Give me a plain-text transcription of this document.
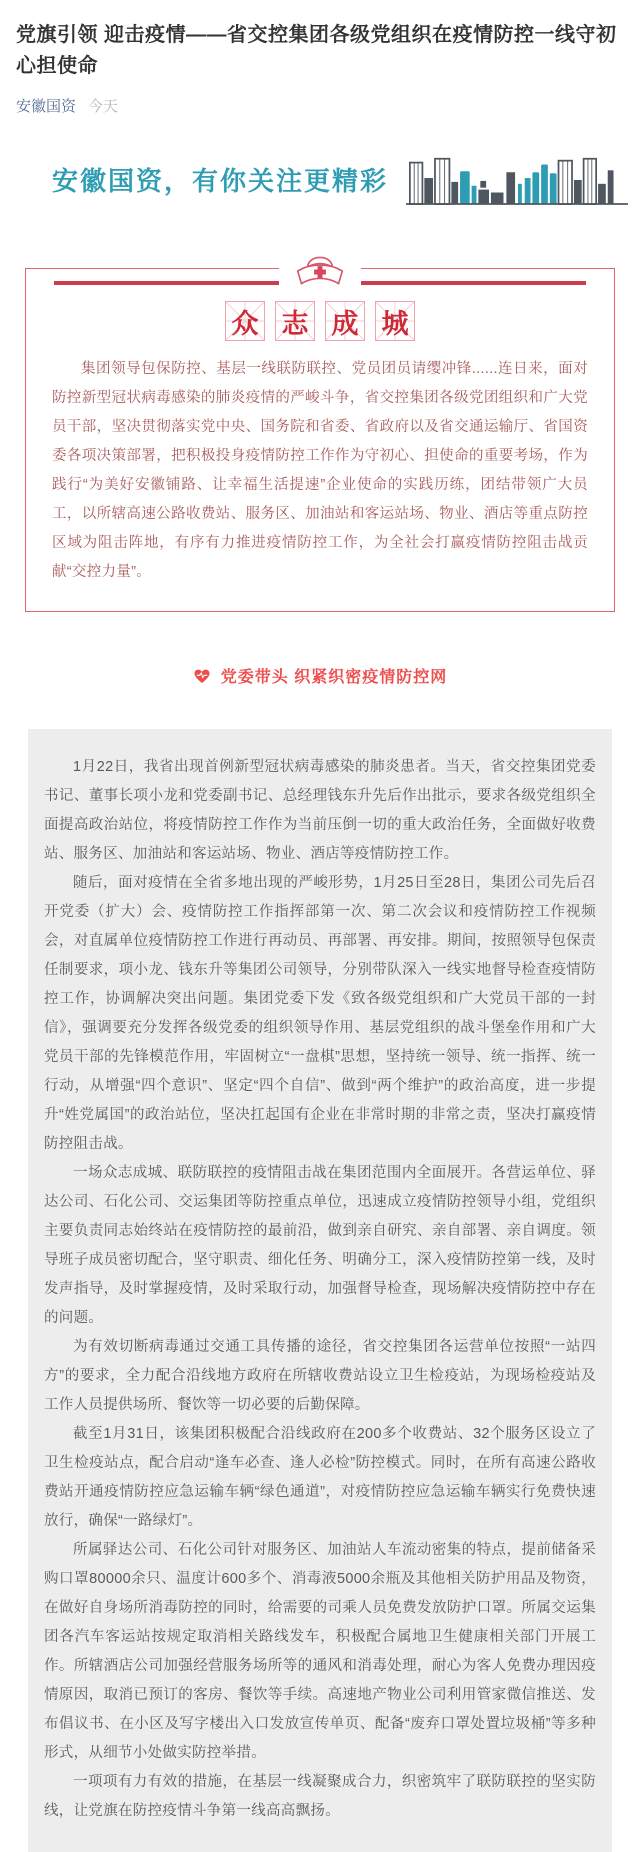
党旗引领 迎击疫情——省交控集团各级党组织在疫情防控一线守初心担使命
安徽国资 今天
安徽国资，有你关注更精彩
众 志 成 城

集团领导包保防控、基层一线联防联控、党员团员请缨冲锋......连日来，面对防控新型冠状病毒感染的肺炎疫情的严峻斗争，省交控集团各级党团组织和广大党员干部，坚决贯彻落实党中央、国务院和省委、省政府以及省交通运输厅、省国资委各项决策部署，把积极投身疫情防控工作作为守初心、担使命的重要考场，作为践行“为美好安徽铺路、让幸福生活提速”企业使命的实践历练，团结带领广大员工，以所辖高速公路收费站、服务区、加油站和客运站场、物业、酒店等重点防控区域为阻击阵地，有序有力推进疫情防控工作，为全社会打赢疫情防控阻击战贡献“交控力量”。

党委带头 织紧织密疫情防控网

1月22日，我省出现首例新型冠状病毒感染的肺炎患者。当天，省交控集团党委书记、董事长项小龙和党委副书记、总经理钱东升先后作出批示，要求各级党组织全面提高政治站位，将疫情防控工作作为当前压倒一切的重大政治任务，全面做好收费站、服务区、加油站和客运站场、物业、酒店等疫情防控工作。

随后，面对疫情在全省多地出现的严峻形势，1月25日至28日，集团公司先后召开党委（扩大）会、疫情防控工作指挥部第一次、第二次会议和疫情防控工作视频会，对直属单位疫情防控工作进行再动员、再部署、再安排。期间，按照领导包保责任制要求，项小龙、钱东升等集团公司领导，分别带队深入一线实地督导检查疫情防控工作，协调解决突出问题。集团党委下发《致各级党组织和广大党员干部的一封信》，强调要充分发挥各级党委的组织领导作用、基层党组织的战斗堡垒作用和广大党员干部的先锋模范作用，牢固树立“一盘棋”思想，坚持统一领导、统一指挥、统一行动，从增强“四个意识”、坚定“四个自信”、做到“两个维护”的政治高度，进一步提升“姓党属国”的政治站位，坚决扛起国有企业在非常时期的非常之责，坚决打赢疫情防控阻击战。

一场众志成城、联防联控的疫情阻击战在集团范围内全面展开。各营运单位、驿达公司、石化公司、交运集团等防控重点单位，迅速成立疫情防控领导小组，党组织主要负责同志始终站在疫情防控的最前沿，做到亲自研究、亲自部署、亲自调度。领导班子成员密切配合，坚守职责、细化任务、明确分工，深入疫情防控第一线，及时发声指导，及时掌握疫情，及时采取行动，加强督导检查，现场解决疫情防控中存在的问题。

为有效切断病毒通过交通工具传播的途径，省交控集团各运营单位按照“一站四方”的要求，全力配合沿线地方政府在所辖收费站设立卫生检疫站，为现场检疫站及工作人员提供场所、餐饮等一切必要的后勤保障。

截至1月31日，该集团积极配合沿线政府在200多个收费站、32个服务区设立了卫生检疫站点，配合启动“逢车必查、逢人必检”防控模式。同时，在所有高速公路收费站开通疫情防控应急运输车辆“绿色通道”，对疫情防控应急运输车辆实行免费快速放行，确保“一路绿灯”。

所属驿达公司、石化公司针对服务区、加油站人车流动密集的特点，提前储备采购口罩80000余只、温度计600多个、消毒液5000余瓶及其他相关防护用品及物资，在做好自身场所消毒防控的同时，给需要的司乘人员免费发放防护口罩。所属交运集团各汽车客运站按规定取消相关路线发车，积极配合属地卫生健康相关部门开展工作。所辖酒店公司加强经营服务场所等的通风和消毒处理，耐心为客人免费办理因疫情原因，取消已预订的客房、餐饮等手续。高速地产物业公司利用管家微信推送、发布倡议书、在小区及写字楼出入口发放宣传单页、配备“废弃口罩处置垃圾桶”等多种形式，从细节小处做实防控举措。

一项项有力有效的措施，在基层一线凝聚成合力，织密筑牢了联防联控的坚实防线，让党旗在防控疫情斗争第一线高高飘扬。
